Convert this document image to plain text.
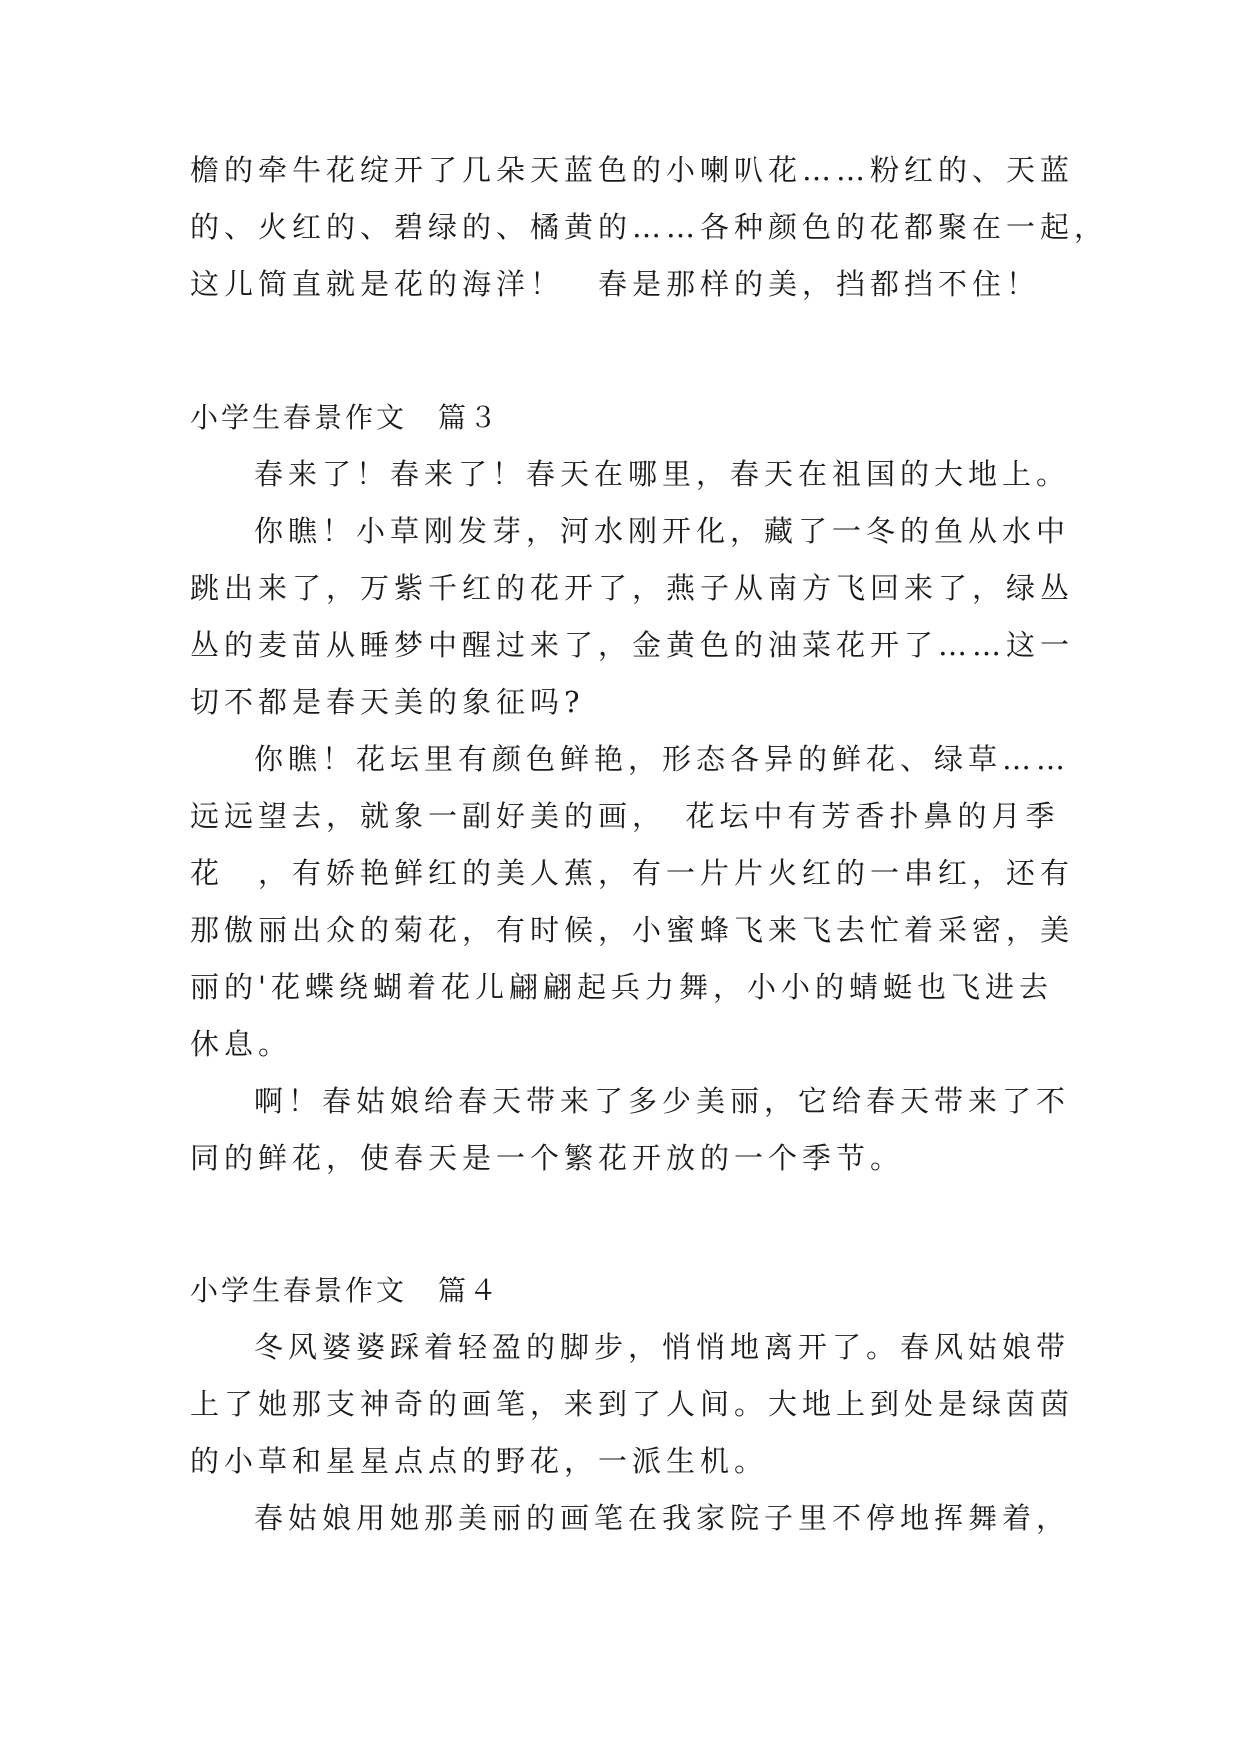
檐的牵牛花绽开了几朵天蓝色的小喇叭花……粉红的、天蓝
的、火红的、碧绿的、橘黄的……各种颜色的花都聚在一起，
这儿简直就是花的海洋！　春是那样的美，挡都挡不住！
小学生春景作文　篇３
春来了！春来了！春天在哪里，春天在祖国的大地上。
你瞧！小草刚发芽，河水刚开化，藏了一冬的鱼从水中
跳出来了，万紫千红的花开了，燕子从南方飞回来了，绿丛
丛的麦苗从睡梦中醒过来了，金黄色的油菜花开了……这一
切不都是春天美的象征吗?
你瞧！花坛里有颜色鲜艳，形态各异的鲜花、绿草……
远远望去，就象一副好美的画，　花坛中有芳香扑鼻的月季
花　，有娇艳鲜红的美人蕉，有一片片火红的一串红，还有
那傲丽出众的菊花，有时候，小蜜蜂飞来飞去忙着采密，美
丽的'花蝶绕蝴着花儿翩翩起兵力舞，小小的蜻蜓也飞进去
休息。
啊！春姑娘给春天带来了多少美丽，它给春天带来了不
同的鲜花，使春天是一个繁花开放的一个季节。
小学生春景作文　篇４
冬风婆婆踩着轻盈的脚步，悄悄地离开了。春风姑娘带
上了她那支神奇的画笔，来到了人间。大地上到处是绿茵茵
的小草和星星点点的野花，一派生机。
春姑娘用她那美丽的画笔在我家院子里不停地挥舞着，
